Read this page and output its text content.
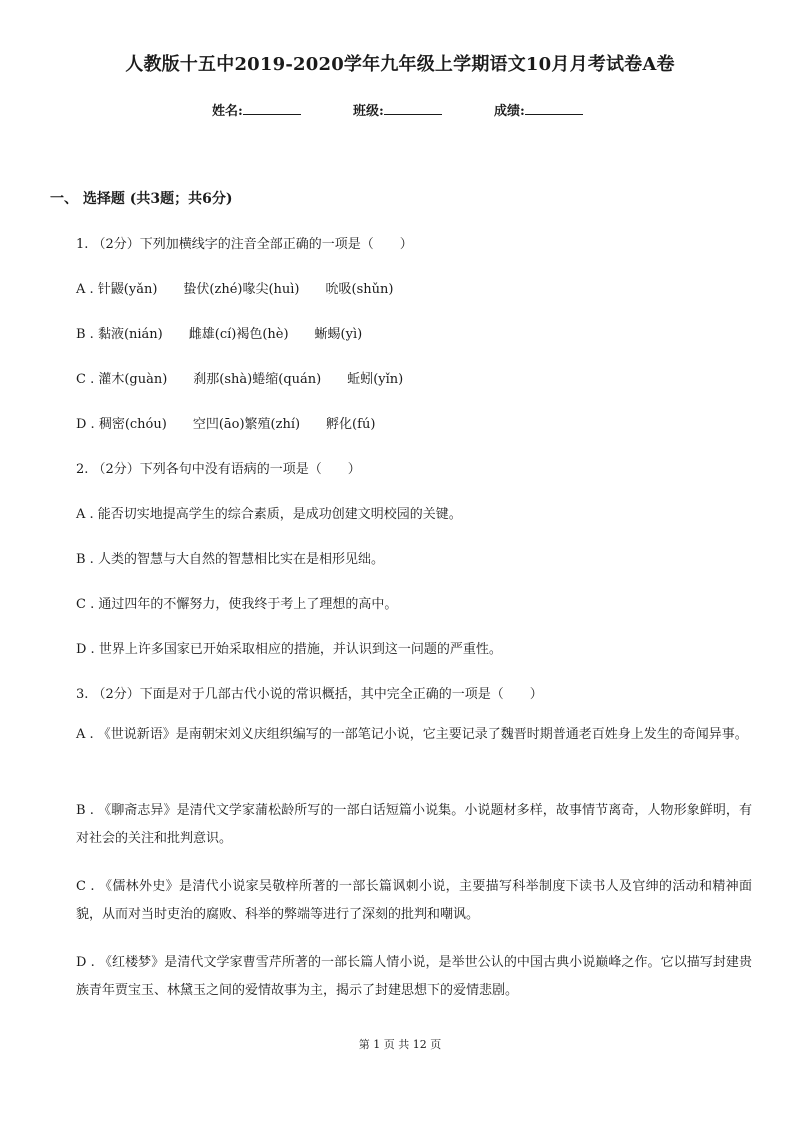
人教版十五中2019-2020学年九年级上学期语文10月月考试卷A卷
姓名:	班级:	成绩:
一、 选择题 (共3题；共6分)
1. （2分）下列加横线字的注音全部正确的一项是（　　）
A . 针鼹(yǎn)　　蛰伏(zhé)喙尖(huì)　　吮吸(shǔn)
B . 黏液(nián)　　雌雄(cí)褐色(hè)　　蜥蜴(yì)
C . 灌木(guàn)　　刹那(shà)蜷缩(quán)　　蚯蚓(yǐn)
D . 稠密(chóu)　　空凹(āo)繁殖(zhí)　　孵化(fú)
2. （2分）下列各句中没有语病的一项是（　　）
A . 能否切实地提高学生的综合素质，是成功创建文明校园的关键。
B . 人类的智慧与大自然的智慧相比实在是相形见绌。
C . 通过四年的不懈努力，使我终于考上了理想的高中。
D . 世界上许多国家已开始采取相应的措施，并认识到这一问题的严重性。
3. （2分）下面是对于几部古代小说的常识概括，其中完全正确的一项是（　　）
A . 《世说新语》是南朝宋刘义庆组织编写的一部笔记小说，它主要记录了魏晋时期普通老百姓身上发生的奇闻异事。
B . 《聊斋志异》是清代文学家蒲松龄所写的一部白话短篇小说集。小说题材多样，故事情节离奇，人物形象鲜明，有对社会的关注和批判意识。
C . 《儒林外史》是清代小说家吴敬梓所著的一部长篇讽刺小说，主要描写科举制度下读书人及官绅的活动和精神面貌，从而对当时吏治的腐败、科举的弊端等进行了深刻的批判和嘲讽。
D . 《红楼梦》是清代文学家曹雪芹所著的一部长篇人情小说，是举世公认的中国古典小说巅峰之作。它以描写封建贵族青年贾宝玉、林黛玉之间的爱情故事为主，揭示了封建思想下的爱情悲剧。
第 1 页 共 12 页
